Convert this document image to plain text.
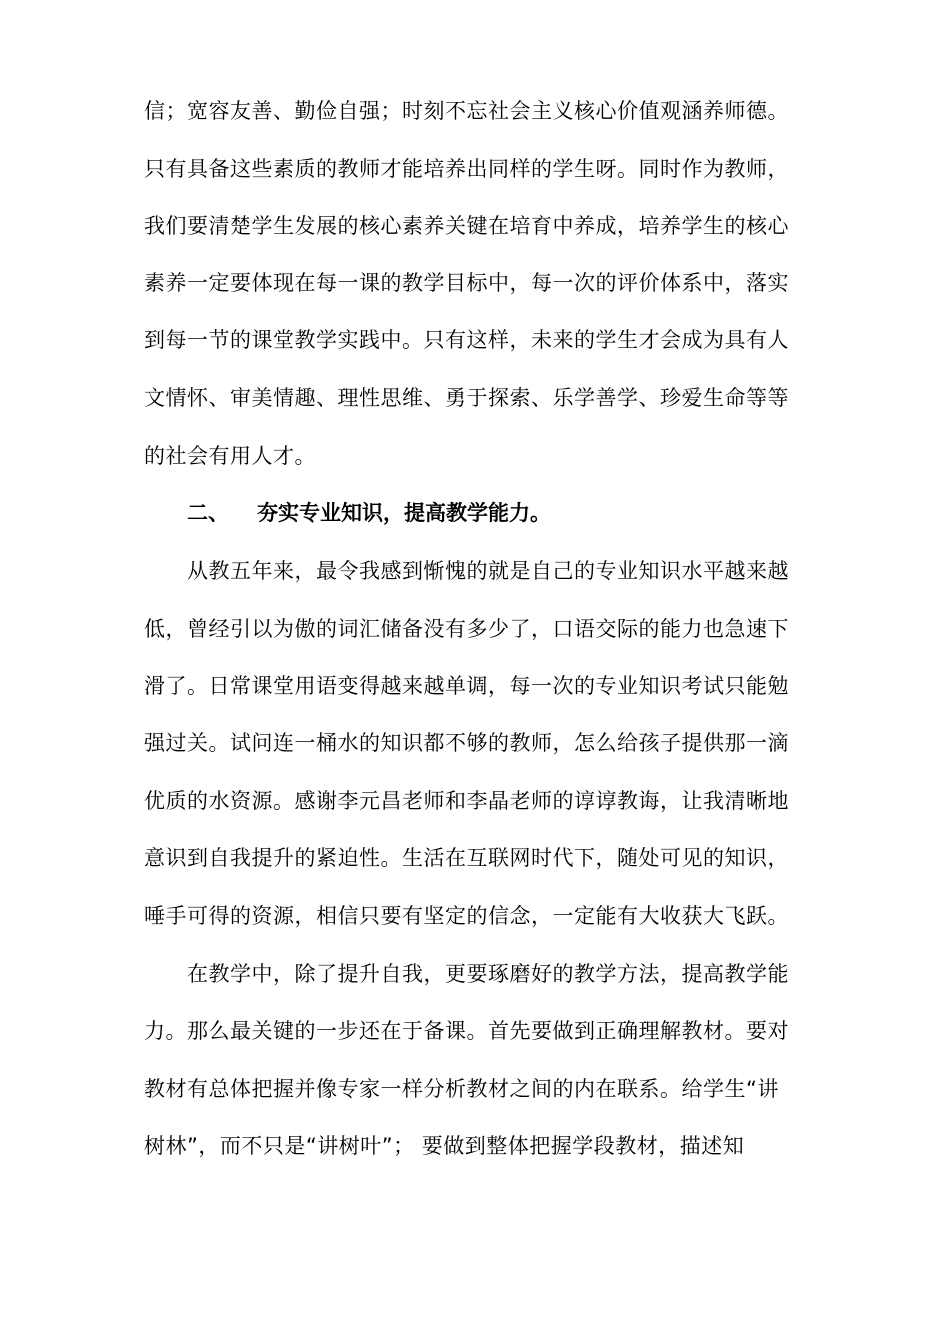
信；宽容友善、勤俭自强；时刻不忘社会主义核心价值观涵养师德。
只有具备这些素质的教师才能培养出同样的学生呀。同时作为教师，
我们要清楚学生发展的核心素养关键在培育中养成，培养学生的核心
素养一定要体现在每一课的教学目标中，每一次的评价体系中，落实
到每一节的课堂教学实践中。只有这样，未来的学生才会成为具有人
文情怀、审美情趣、理性思维、勇于探索、乐学善学、珍爱生命等等
的社会有用人才。
二、 夯实专业知识，提高教学能力。
从教五年来，最令我感到惭愧的就是自己的专业知识水平越来越
低，曾经引以为傲的词汇储备没有多少了，口语交际的能力也急速下
滑了。日常课堂用语变得越来越单调，每一次的专业知识考试只能勉
强过关。试问连一桶水的知识都不够的教师，怎么给孩子提供那一滴
优质的水资源。感谢李元昌老师和李晶老师的谆谆教诲，让我清晰地
意识到自我提升的紧迫性。生活在互联网时代下，随处可见的知识，
唾手可得的资源，相信只要有坚定的信念，一定能有大收获大飞跃。
在教学中，除了提升自我，更要琢磨好的教学方法，提高教学能
力。那么最关键的一步还在于备课。首先要做到正确理解教材。要对
教材有总体把握并像专家一样分析教材之间的内在联系。给学生“讲
树林”，而不只是“讲树叶”； 要做到整体把握学段教材，描述知
